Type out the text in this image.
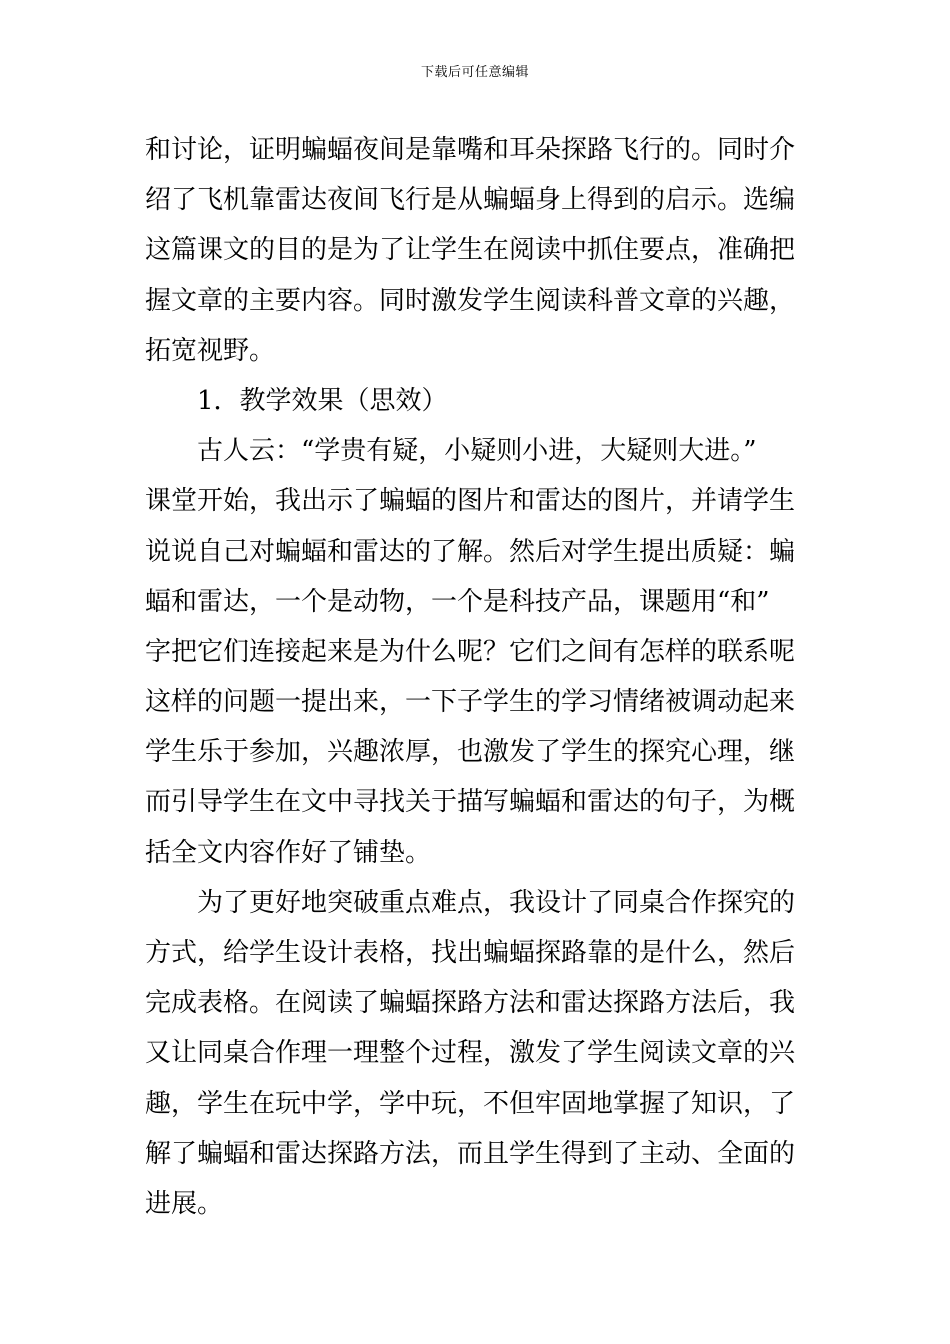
下载后可任意编辑
和讨论，证明蝙蝠夜间是靠嘴和耳朵探路飞行的。同时介
绍了飞机靠雷达夜间飞行是从蝙蝠身上得到的启示。选编
这篇课文的目的是为了让学生在阅读中抓住要点，准确把
握文章的主要内容。同时激发学生阅读科普文章的兴趣，
拓宽视野。
1．教学效果（思效）
古人云：“学贵有疑，小疑则小进，大疑则大进。”
课堂开始，我出示了蝙蝠的图片和雷达的图片，并请学生
说说自己对蝙蝠和雷达的了解。然后对学生提出质疑：蝙
蝠和雷达，一个是动物，一个是科技产品，课题用“和”
字把它们连接起来是为什么呢？它们之间有怎样的联系呢
这样的问题一提出来，一下子学生的学习情绪被调动起来
学生乐于参加，兴趣浓厚，也激发了学生的探究心理，继
而引导学生在文中寻找关于描写蝙蝠和雷达的句子，为概
括全文内容作好了铺垫。
为了更好地突破重点难点，我设计了同桌合作探究的
方式，给学生设计表格，找出蝙蝠探路靠的是什么，然后
完成表格。在阅读了蝙蝠探路方法和雷达探路方法后，我
又让同桌合作理一理整个过程，激发了学生阅读文章的兴
趣，学生在玩中学，学中玩，不但牢固地掌握了知识，了
解了蝙蝠和雷达探路方法，而且学生得到了主动、全面的
进展。
